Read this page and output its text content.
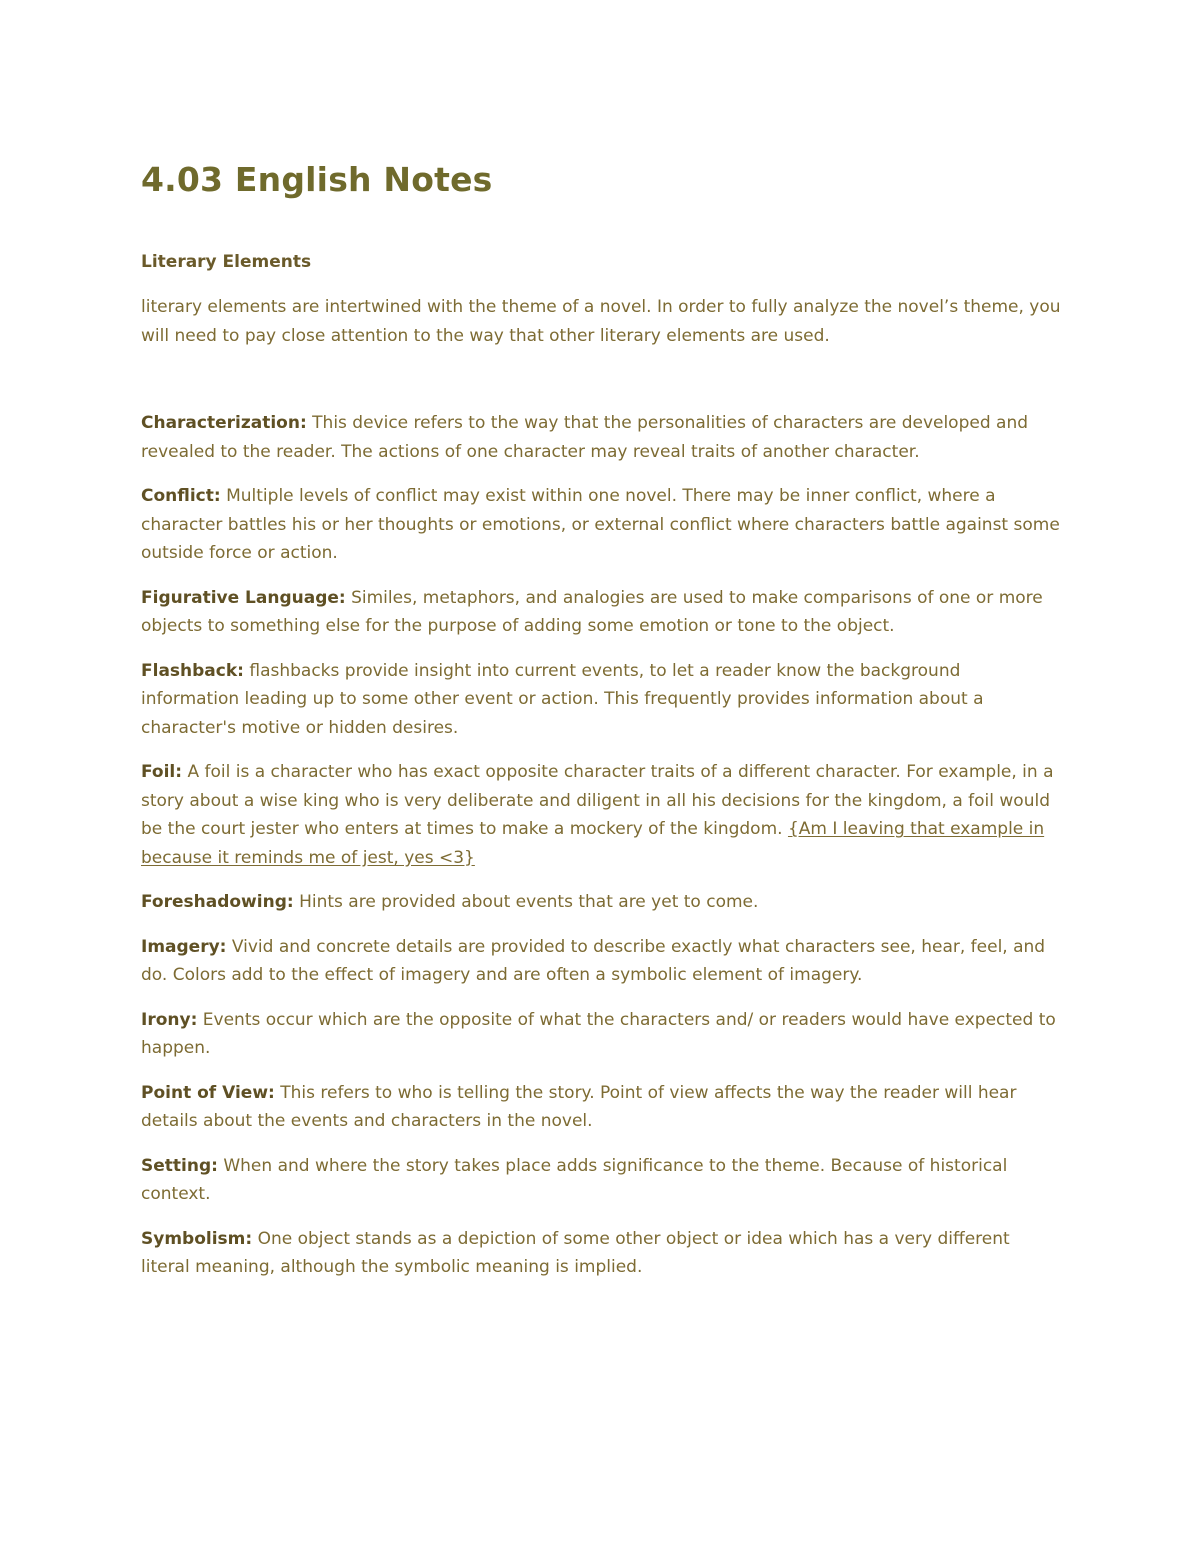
4.03 English Notes
Literary Elements

literary elements are intertwined with the theme of a novel. In order to fully analyze the novel’s theme, you will need to pay close attention to the way that other literary elements are used.

Characterization: This device refers to the way that the personalities of characters are developed and revealed to the reader. The actions of one character may reveal traits of another character.

Conflict: Multiple levels of conflict may exist within one novel. There may be inner conflict, where a character battles his or her thoughts or emotions, or external conflict where characters battle against some outside force or action.

Figurative Language: Similes, metaphors, and analogies are used to make comparisons of one or more objects to something else for the purpose of adding some emotion or tone to the object.

Flashback: flashbacks provide insight into current events, to let a reader know the background information leading up to some other event or action. This frequently provides information about a character's motive or hidden desires.

Foil: A foil is a character who has exact opposite character traits of a different character. For example, in a story about a wise king who is very deliberate and diligent in all his decisions for the kingdom, a foil would be the court jester who enters at times to make a mockery of the kingdom. {Am I leaving that example in because it reminds me of jest, yes <3}

Foreshadowing: Hints are provided about events that are yet to come.

Imagery: Vivid and concrete details are provided to describe exactly what characters see, hear, feel, and do. Colors add to the effect of imagery and are often a symbolic element of imagery.

Irony: Events occur which are the opposite of what the characters and/ or readers would have expected to happen.

Point of View: This refers to who is telling the story. Point of view affects the way the reader will hear details about the events and characters in the novel.

Setting: When and where the story takes place adds significance to the theme. Because of historical context.

Symbolism: One object stands as a depiction of some other object or idea which has a very different literal meaning, although the symbolic meaning is implied.
